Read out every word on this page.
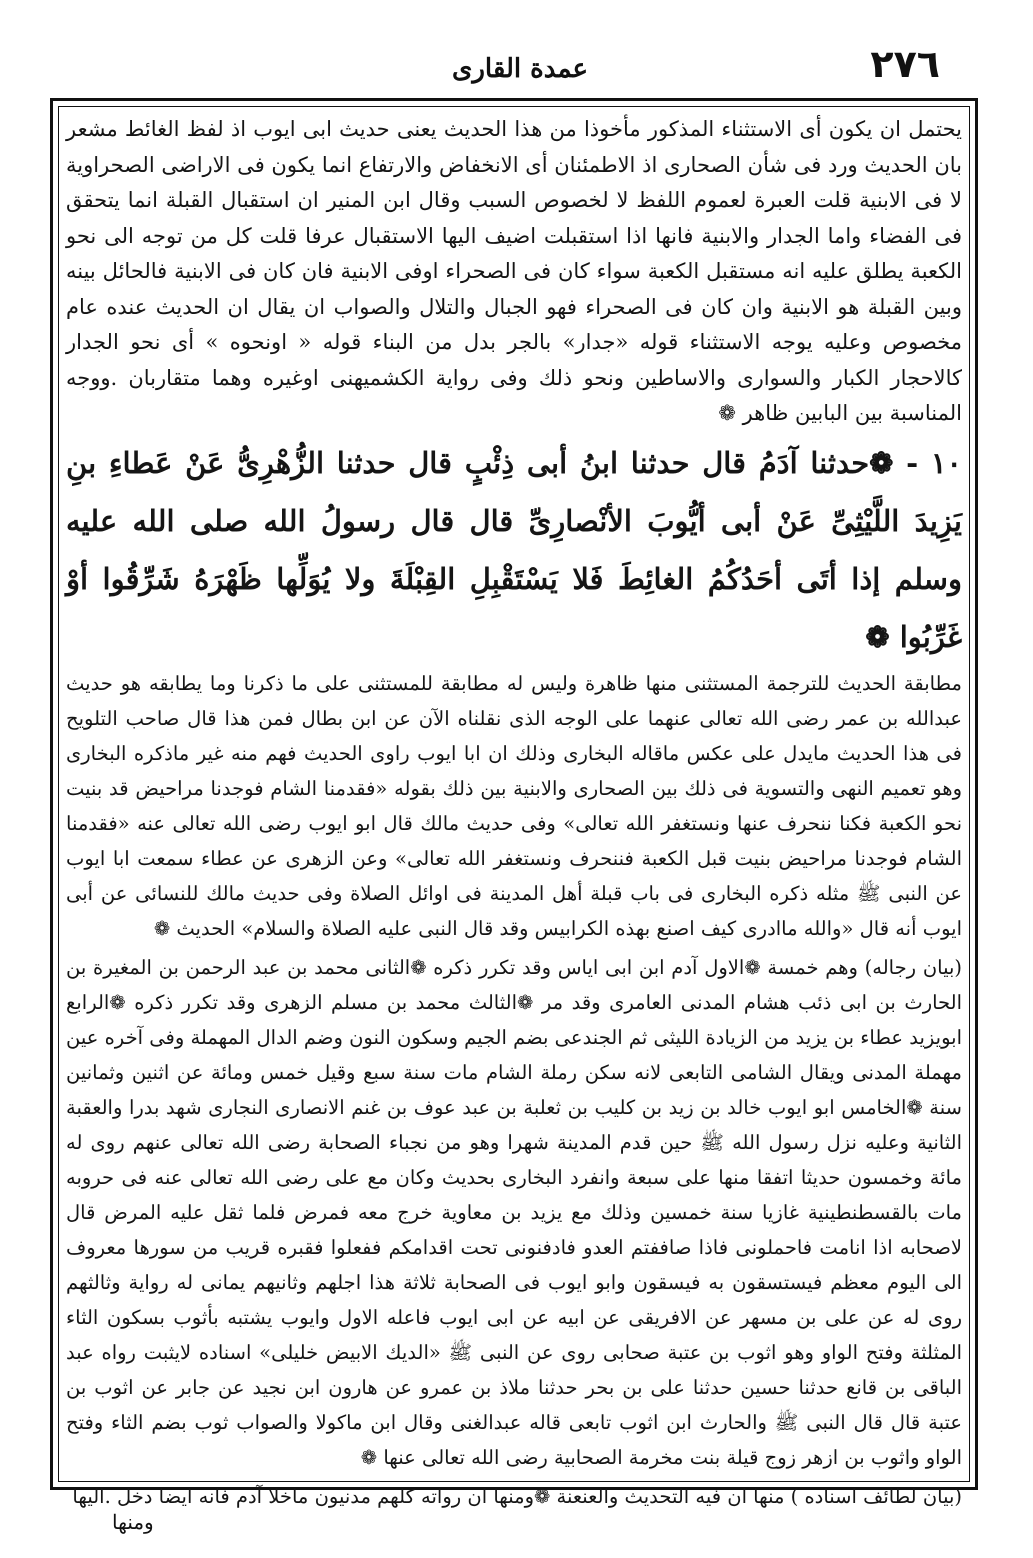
٢٧٦
عمدة القارى

يحتمل ان يكون أى الاستثناء المذكور مأخوذا من هذا الحديث يعنى حديث ابى ايوب اذ لفظ الغائط مشعر بان الحديث ورد فى شأن الصحارى اذ الاطمئنان أى الانخفاض والارتفاع انما يكون فى الاراضى الصحراوية لا فى الابنية قلت العبرة لعموم اللفظ لا لخصوص السبب وقال ابن المنير ان استقبال القبلة انما يتحقق فى الفضاء واما الجدار والابنية فانها اذا استقبلت اضيف اليها الاستقبال عرفا قلت كل من توجه الى نحو الكعبة يطلق عليه انه مستقبل الكعبة سواء كان فى الصحراء اوفى الابنية فان كان فى الابنية فالحائل بينه وبين القبلة هو الابنية وان كان فى الصحراء فهو الجبال والتلال والصواب ان يقال ان الحديث عنده عام مخصوص وعليه يوجه الاستثناء قوله «جدار» بالجر بدل من البناء قوله « اونحوه » أى نحو الجدار كالاحجار الكبار والسوارى والاساطين ونحو ذلك وفى رواية الكشميهنى اوغيره وهما متقاربان .ووجه المناسبة بين البابين ظاهر ❁

١٠ - ❁حدثنا آدَمُ قال حدثنا ابنُ أبى ذِئْبٍ قال حدثنا الزُّهْرِىُّ عَنْ عَطاءِ بنِ يَزِيدَ اللَّيْثِىِّ عَنْ أبى أيُّوبَ الأنْصارِىِّ قال قال رسولُ الله صلى الله عليه وسلم إذا أتَى أحَدُكُمُ الغائِطَ فَلا يَسْتَقْبِلِ القِبْلَةَ ولا يُوَلِّها ظَهْرَهُ شَرِّقُوا أوْ غَرِّبُوا ❁

مطابقة الحديث للترجمة المستثنى منها ظاهرة وليس له مطابقة للمستثنى على ما ذكرنا وما يطابقه هو حديث عبدالله بن عمر رضى الله تعالى عنهما على الوجه الذى نقلناه الآن عن ابن بطال فمن هذا قال صاحب التلويح فى هذا الحديث مايدل على عكس ماقاله البخارى وذلك ان ابا ايوب راوى الحديث فهم منه غير ماذكره البخارى وهو تعميم النهى والتسوية فى ذلك بين الصحارى والابنية بين ذلك بقوله «فقدمنا الشام فوجدنا مراحيض قد بنيت نحو الكعبة فكنا ننحرف عنها ونستغفر الله تعالى» وفى حديث مالك قال ابو ايوب رضى الله تعالى عنه «فقدمنا الشام فوجدنا مراحيض بنيت قبل الكعبة فننحرف ونستغفر الله تعالى» وعن الزهرى عن عطاء سمعت ابا ايوب عن النبى ﷺ مثله ذكره البخارى فى باب قبلة أهل المدينة فى اوائل الصلاة وفى حديث مالك للنسائى عن أبى ايوب أنه قال «والله ماادرى كيف اصنع بهذه الكرابيس وقد قال النبى عليه الصلاة والسلام» الحديث ❁

(بيان رجاله) وهم خمسة ❁الاول آدم ابن ابى اياس وقد تكرر ذكره ❁الثانى محمد بن عبد الرحمن بن المغيرة بن الحارث بن ابى ذئب هشام المدنى العامرى وقد مر ❁الثالث محمد بن مسلم الزهرى وقد تكرر ذكره ❁الرابع ابويزيد عطاء بن يزيد من الزيادة الليثى ثم الجندعى بضم الجيم وسكون النون وضم الدال المهملة وفى آخره عين مهملة المدنى ويقال الشامى التابعى لانه سكن رملة الشام مات سنة سبع وقيل خمس ومائة عن اثنين وثمانين سنة ❁الخامس ابو ايوب خالد بن زيد بن كليب بن ثعلبة بن عبد عوف بن غنم الانصارى النجارى شهد بدرا والعقبة الثانية وعليه نزل رسول الله ﷺ حين قدم المدينة شهرا وهو من نجباء الصحابة رضى الله تعالى عنهم روى له مائة وخمسون حديثا اتفقا منها على سبعة وانفرد البخارى بحديث وكان مع على رضى الله تعالى عنه فى حروبه مات بالقسطنطينية غازيا سنة خمسين وذلك مع يزيد بن معاوية خرج معه فمرض فلما ثقل عليه المرض قال لاصحابه اذا انامت فاحملونى فاذا صاففتم العدو فادفنونى تحت اقدامكم ففعلوا فقبره قريب من سورها معروف الى اليوم معظم فيستسقون به فيسقون وابو ايوب فى الصحابة ثلاثة هذا اجلهم وثانيهم يمانى له رواية وثالثهم روى له عن على بن مسهر عن الافريقى عن ابيه عن ابى ايوب فاعله الاول وايوب يشتبه بأثوب بسكون الثاء المثلثة وفتح الواو وهو اثوب بن عتبة صحابى روى عن النبى ﷺ «الديك الابيض خليلى» اسناده لايثبت رواه عبد الباقى بن قانع حدثنا حسين حدثنا على بن بحر حدثنا ملاذ بن عمرو عن هارون ابن نجيد عن جابر عن اثوب بن عتبة قال قال النبى ﷺ والحارث ابن اثوب تابعى قاله عبدالغنى وقال ابن ماكولا والصواب ثوب بضم الثاء وفتح الواو واثوب بن ازهر زوج قيلة بنت مخرمة الصحابية رضى الله تعالى عنها ❁

(بيان لطائف اسناده ) منها ان فيه التحديث والعنعنة ❁ومنها ان رواته كلهم مدنيون ماخلا آدم فانه ايضا دخل .اليها

ومنها
